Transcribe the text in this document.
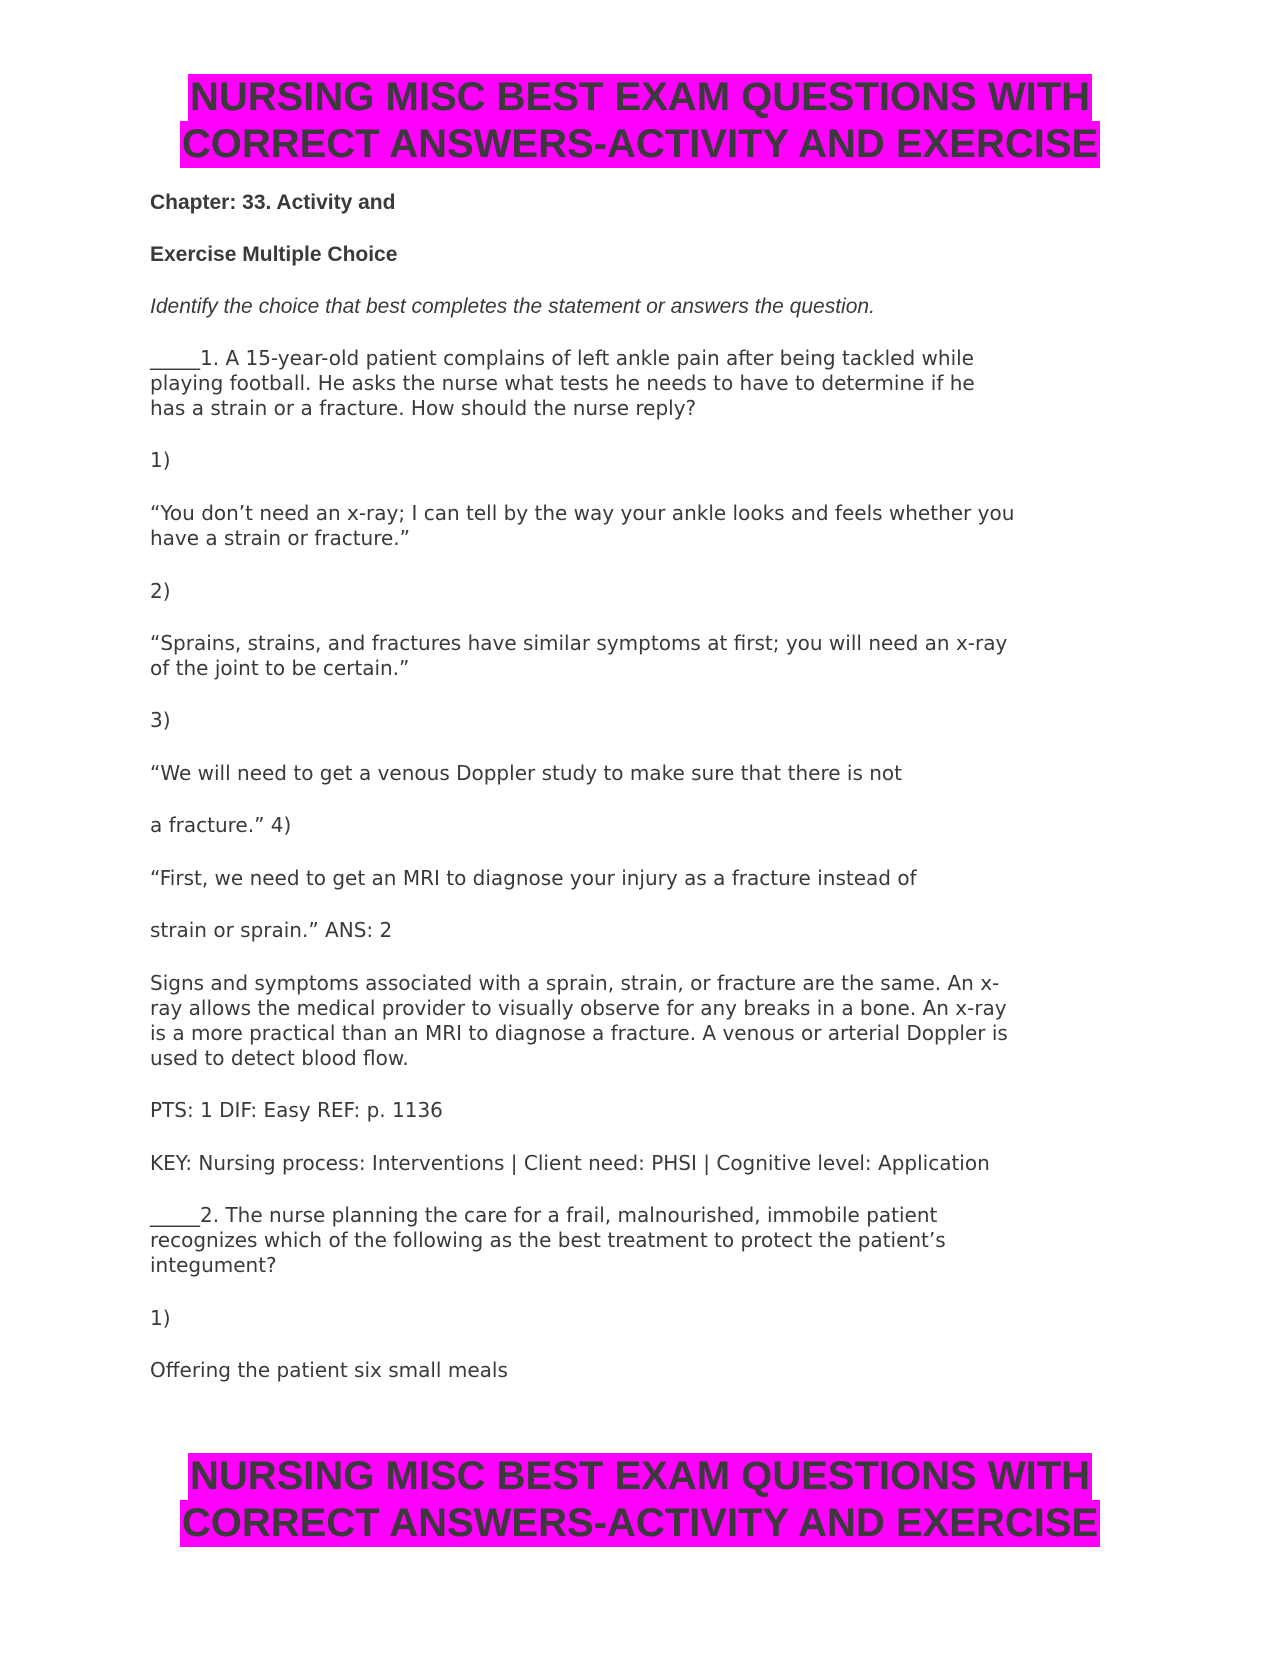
NURSING MISC BEST EXAM QUESTIONS WITH
CORRECT ANSWERS-ACTIVITY AND EXERCISE
Chapter: 33. Activity and
Exercise Multiple Choice
Identify the choice that best completes the statement or answers the question.
_____1. A 15-year-old patient complains of left ankle pain after being tackled while
playing football. He asks the nurse what tests he needs to have to determine if he
has a strain or a fracture. How should the nurse reply?
1)
“You don’t need an x-ray; I can tell by the way your ankle looks and feels whether you
have a strain or fracture.”
2)
“Sprains, strains, and fractures have similar symptoms at first; you will need an x-ray
of the joint to be certain.”
3)
“We will need to get a venous Doppler study to make sure that there is not
a fracture.” 4)
“First, we need to get an MRI to diagnose your injury as a fracture instead of
strain or sprain.” ANS: 2
Signs and symptoms associated with a sprain, strain, or fracture are the same. An x-
ray allows the medical provider to visually observe for any breaks in a bone. An x-ray
is a more practical than an MRI to diagnose a fracture. A venous or arterial Doppler is
used to detect blood flow.
PTS: 1 DIF: Easy REF: p. 1136
KEY: Nursing process: Interventions | Client need: PHSI | Cognitive level: Application
_____2. The nurse planning the care for a frail, malnourished, immobile patient
recognizes which of the following as the best treatment to protect the patient’s
integument?
1)
Offering the patient six small meals
NURSING MISC BEST EXAM QUESTIONS WITH
CORRECT ANSWERS-ACTIVITY AND EXERCISE
